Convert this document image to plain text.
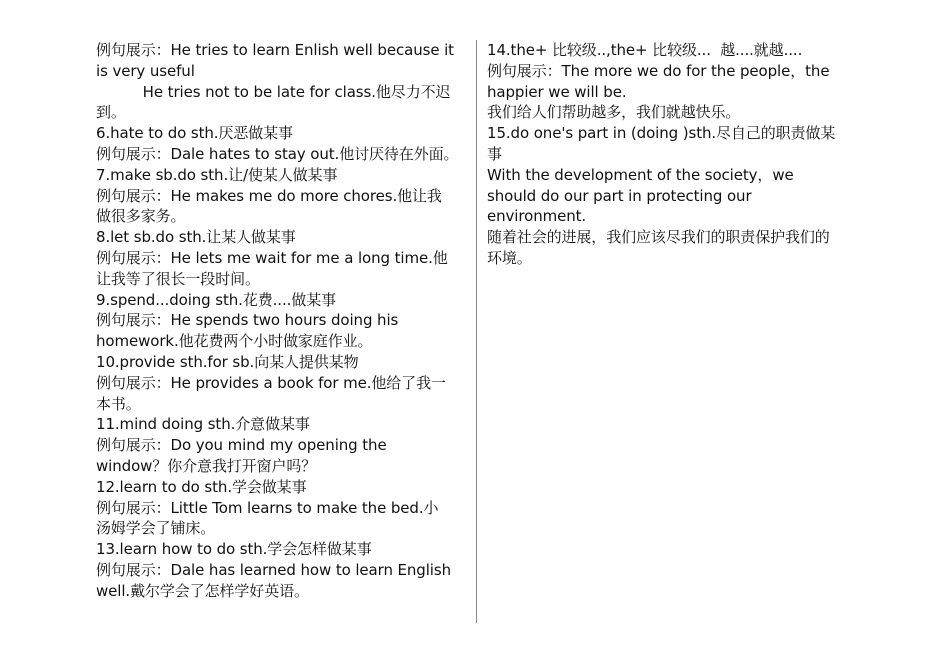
例句展示：He tries to learn Enlish well because it
is very useful
He tries not to be late for class.他尽力不迟
到。
6.hate to do sth.厌恶做某事
例句展示：Dale hates to stay out.他讨厌待在外面。
7.make sb.do sth.让/使某人做某事
例句展示：He makes me do more chores.他让我
做很多家务。
8.let sb.do sth.让某人做某事
例句展示：He lets me wait for me a long time.他
让我等了很长一段时间。
9.spend...doing sth.花费....做某事
例句展示：He spends two hours doing his
homework.他花费两个小时做家庭作业。
10.provide sth.for sb.向某人提供某物
例句展示：He provides a book for me.他给了我一
本书。
11.mind doing sth.介意做某事
例句展示：Do you mind my opening the
window？你介意我打开窗户吗？
12.learn to do sth.学会做某事
例句展示：Little Tom learns to make the bed.小
汤姆学会了铺床。
13.learn how to do sth.学会怎样做某事
例句展示：Dale has learned how to learn English
well.戴尔学会了怎样学好英语。
14.the+ 比较级..,the+ 比较级...  越....就越....
例句展示：The more we do for the people，the
happier we will be.
我们给人们帮助越多，我们就越快乐。
15.do one's part in (doing )sth.尽自己的职责做某
事
With the development of the society，we
should do our part in protecting our
environment.
随着社会的进展，我们应该尽我们的职责保护我们的
环境。
